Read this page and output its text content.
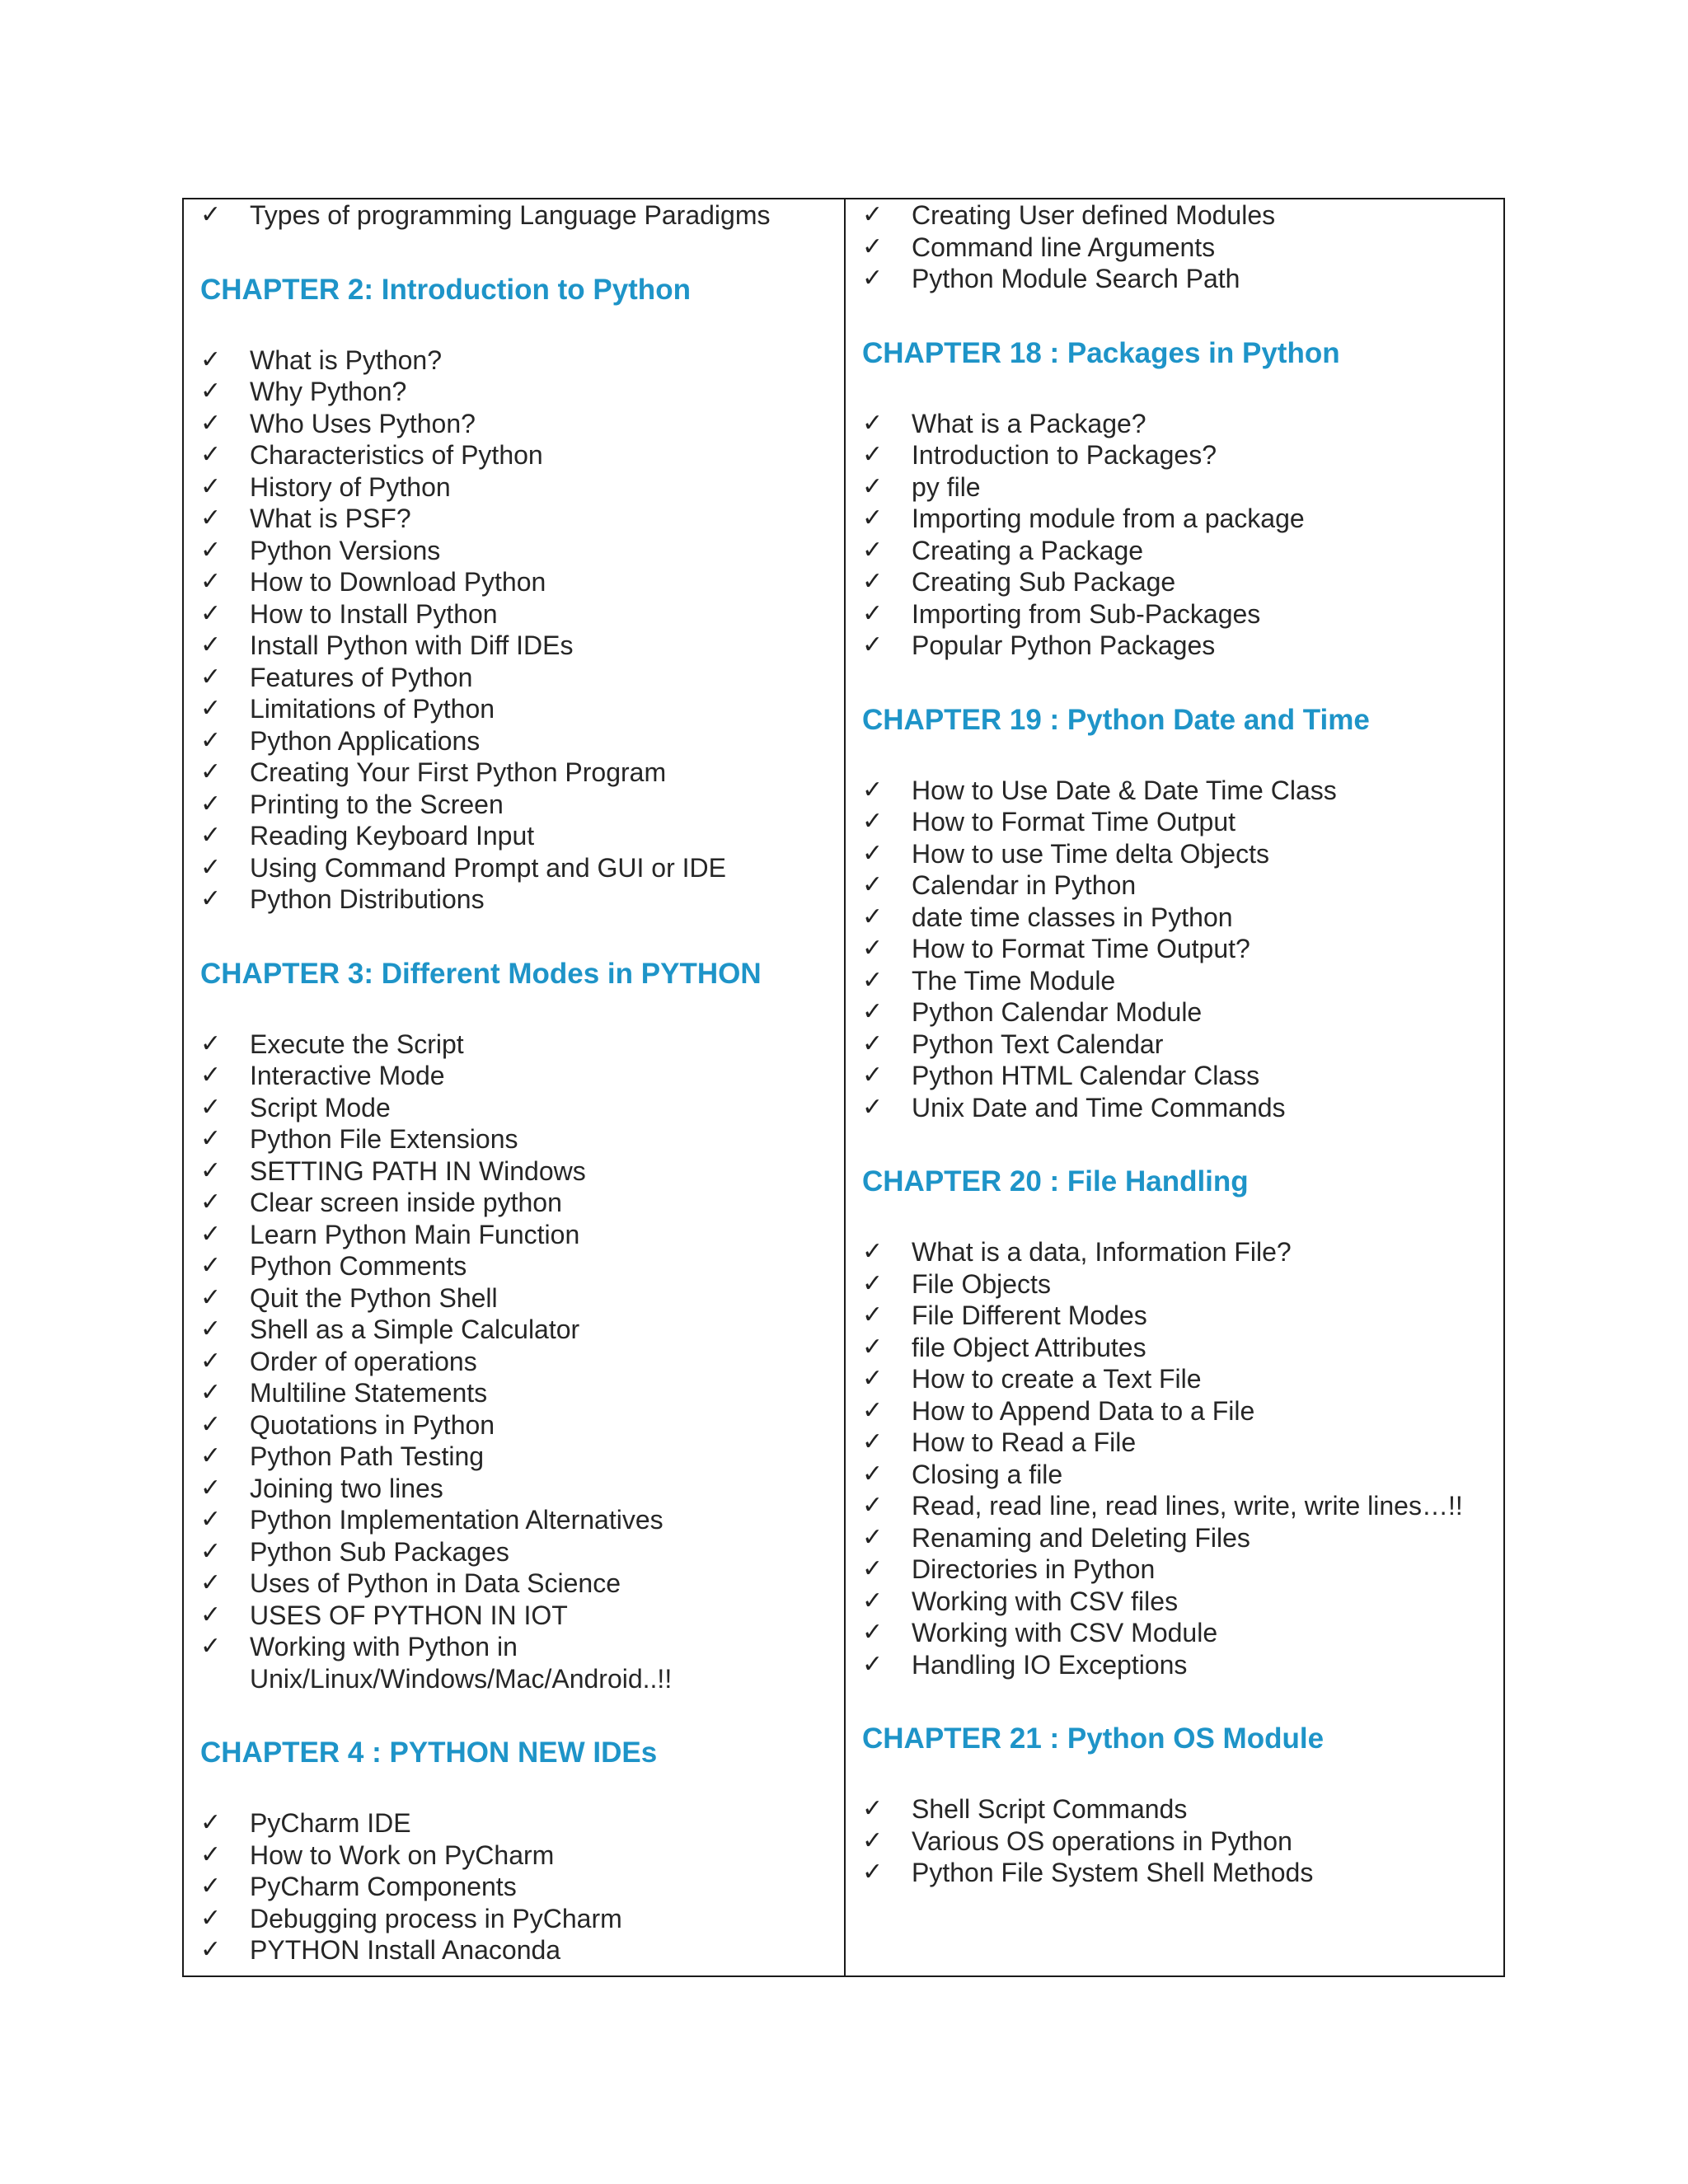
✓	Types of programming Language Paradigms
CHAPTER 2: Introduction to Python
✓	What is Python?
✓	Why Python?
✓	Who Uses Python?
✓	Characteristics of Python
✓	History of Python
✓	What is PSF?
✓	Python Versions
✓	How to Download Python
✓	How to Install Python
✓	Install Python with Diff IDEs
✓	Features of Python
✓	Limitations of Python
✓	Python Applications
✓	Creating Your First Python Program
✓	Printing to the Screen
✓	Reading Keyboard Input
✓	Using Command Prompt and GUI or IDE
✓	Python Distributions
CHAPTER 3: Different Modes in PYTHON
✓	Execute the Script
✓	Interactive Mode
✓	Script Mode
✓	Python File Extensions
✓	SETTING PATH IN Windows
✓	Clear screen inside python
✓	Learn Python Main Function
✓	Python Comments
✓	Quit the Python Shell
✓	Shell as a Simple Calculator
✓	Order of operations
✓	Multiline Statements
✓	Quotations in Python
✓	Python Path Testing
✓	Joining two lines
✓	Python Implementation Alternatives
✓	Python Sub Packages
✓	Uses of Python in Data Science
✓	USES OF PYTHON IN IOT
✓	Working with Python in
Unix/Linux/Windows/Mac/Android..!!
CHAPTER 4 : PYTHON NEW IDEs
✓	PyCharm IDE
✓	How to Work on PyCharm
✓	PyCharm Components
✓	Debugging process in PyCharm
✓	PYTHON Install Anaconda
✓	Creating User defined Modules
✓	Command line Arguments
✓	Python Module Search Path
CHAPTER 18 : Packages in Python
✓	What is a Package?
✓	Introduction to Packages?
✓	py file
✓	Importing module from a package
✓	Creating a Package
✓	Creating Sub Package
✓	Importing from Sub-Packages
✓	Popular Python Packages
CHAPTER 19 : Python Date and Time
✓	How to Use Date & Date Time Class
✓	How to Format Time Output
✓	How to use Time delta Objects
✓	Calendar in Python
✓	date time classes in Python
✓	How to Format Time Output?
✓	The Time Module
✓	Python Calendar Module
✓	Python Text Calendar
✓	Python HTML Calendar Class
✓	Unix Date and Time Commands
CHAPTER 20 : File Handling
✓	What is a data, Information File?
✓	File Objects
✓	File Different Modes
✓	file Object Attributes
✓	How to create a Text File
✓	How to Append Data to a File
✓	How to Read a File
✓	Closing a file
✓	Read, read line, read lines, write, write lines…!!
✓	Renaming and Deleting Files
✓	Directories in Python
✓	Working with CSV files
✓	Working with CSV Module
✓	Handling IO Exceptions
CHAPTER 21 : Python OS Module
✓	Shell Script Commands
✓	Various OS operations in Python
✓	Python File System Shell Methods
